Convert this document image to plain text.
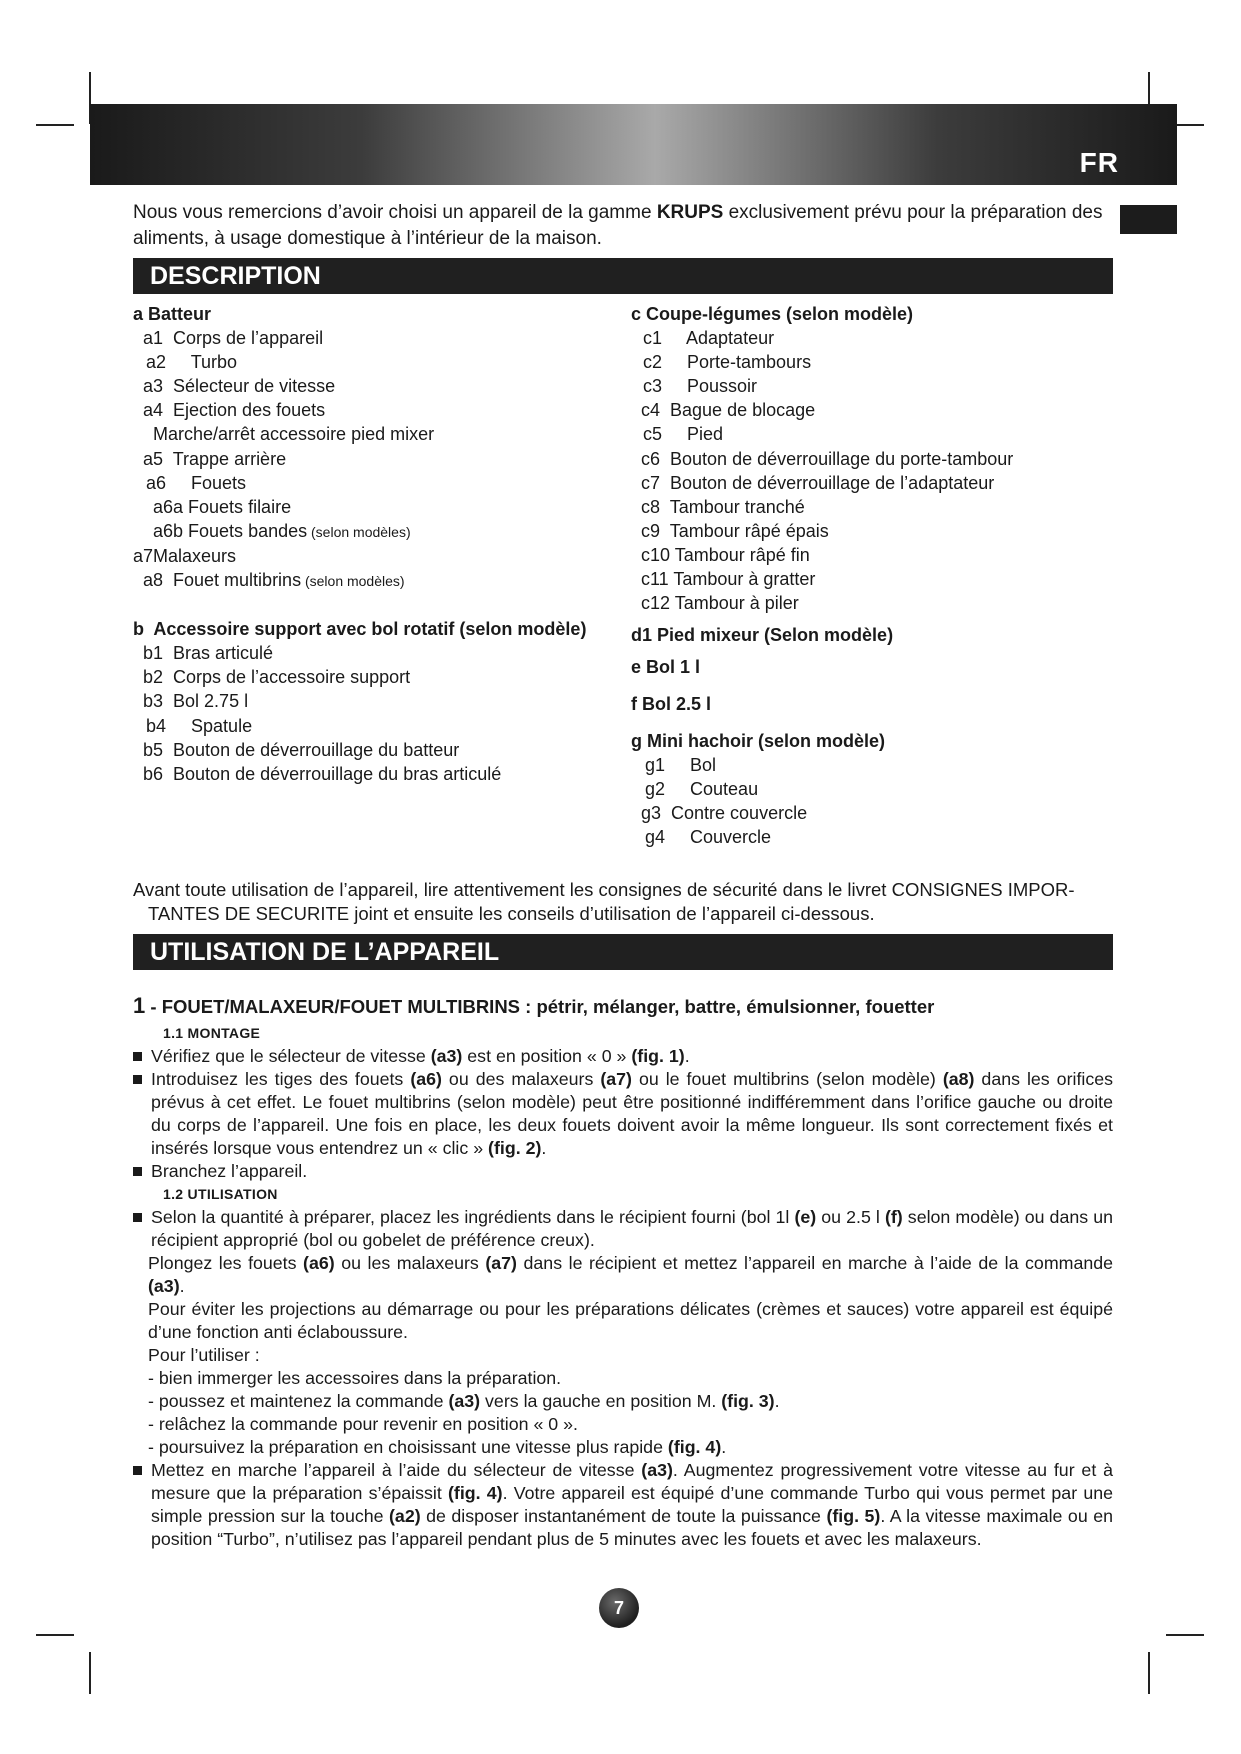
FR
Nous vous remercions d’avoir choisi un appareil de la gamme KRUPS exclusivement prévu pour la préparation des aliments, à usage domestique à l’intérieur de la maison.
DESCRIPTION
a Batteur
a1  Corps de l’appareil
a2     Turbo
a3  Sélecteur de vitesse
a4  Ejection des fouets
Marche/arrêt accessoire pied mixer
a5  Trappe arrière
a6     Fouets
a6a Fouets filaire
a6b Fouets bandes (selon modèles)
a7Malaxeurs
a8  Fouet multibrins (selon modèles)
b  Accessoire support avec bol rotatif (selon modèle)
b1  Bras articulé
b2  Corps de l’accessoire support
b3  Bol 2.75 l
b4     Spatule
b5  Bouton de déverrouillage du batteur
b6  Bouton de déverrouillage du bras articulé
c Coupe-légumes (selon modèle)
c1     Adaptateur
c2     Porte-tambours
c3     Poussoir
c4  Bague de blocage
c5     Pied
c6  Bouton de déverrouillage du porte-tambour
c7  Bouton de déverrouillage de l’adaptateur
c8  Tambour tranché
c9  Tambour râpé épais
c10 Tambour râpé fin
c11 Tambour à gratter
c12 Tambour à piler
d1 Pied mixeur (Selon modèle)
e Bol 1 l
f Bol 2.5 l
g Mini hachoir (selon modèle)
g1     Bol
g2     Couteau
g3  Contre couvercle
g4     Couvercle
Avant toute utilisation de l’appareil, lire attentivement les consignes de sécurité dans le livret CONSIGNES IMPOR-
TANTES DE SECURITE joint et ensuite les conseils d’utilisation de l’appareil ci-dessous.
UTILISATION DE L’APPAREIL
1 - FOUET/MALAXEUR/FOUET MULTIBRINS : pétrir, mélanger, battre, émulsionner, fouetter
1.1 MONTAGE
Vérifiez que le sélecteur de vitesse (a3) est en position « 0 » (fig. 1).
Introduisez les tiges des fouets (a6) ou des malaxeurs (a7) ou le fouet multibrins (selon modèle) (a8) dans les orifices prévus à cet effet. Le fouet multibrins (selon modèle) peut être positionné indifféremment dans l’orifice gauche ou droite du corps de l’appareil. Une fois en place, les deux fouets doivent avoir la même longueur. Ils sont correctement fixés et insérés lorsque vous entendrez un « clic » (fig. 2).
Branchez l’appareil.
1.2 UTILISATION
Selon la quantité à préparer, placez les ingrédients dans le récipient fourni (bol 1l (e) ou 2.5 l (f) selon modèle) ou dans un récipient approprié (bol ou gobelet de préférence creux).
Plongez les fouets (a6) ou les malaxeurs (a7) dans le récipient et mettez l’appareil en marche à l’aide de la commande (a3).
Pour éviter les projections au démarrage ou pour les préparations délicates (crèmes et sauces) votre appareil est équipé d’une fonction anti éclaboussure.
Pour l’utiliser :
- bien immerger les accessoires dans la préparation.
- poussez et maintenez la commande (a3) vers la gauche en position M. (fig. 3).
- relâchez la commande pour revenir en position « 0 ».
- poursuivez la préparation en choisissant une vitesse plus rapide (fig. 4).
Mettez en marche l’appareil à l’aide du sélecteur de vitesse (a3). Augmentez progressivement votre vitesse au fur et à mesure que la préparation s’épaissit (fig. 4). Votre appareil est équipé d’une commande Turbo qui vous permet par une simple pression sur la touche (a2) de disposer instantanément de toute la puissance (fig. 5). A la vitesse maximale ou en position “Turbo”, n’utilisez pas l’appareil pendant plus de 5 minutes avec les fouets et avec les malaxeurs.
7
